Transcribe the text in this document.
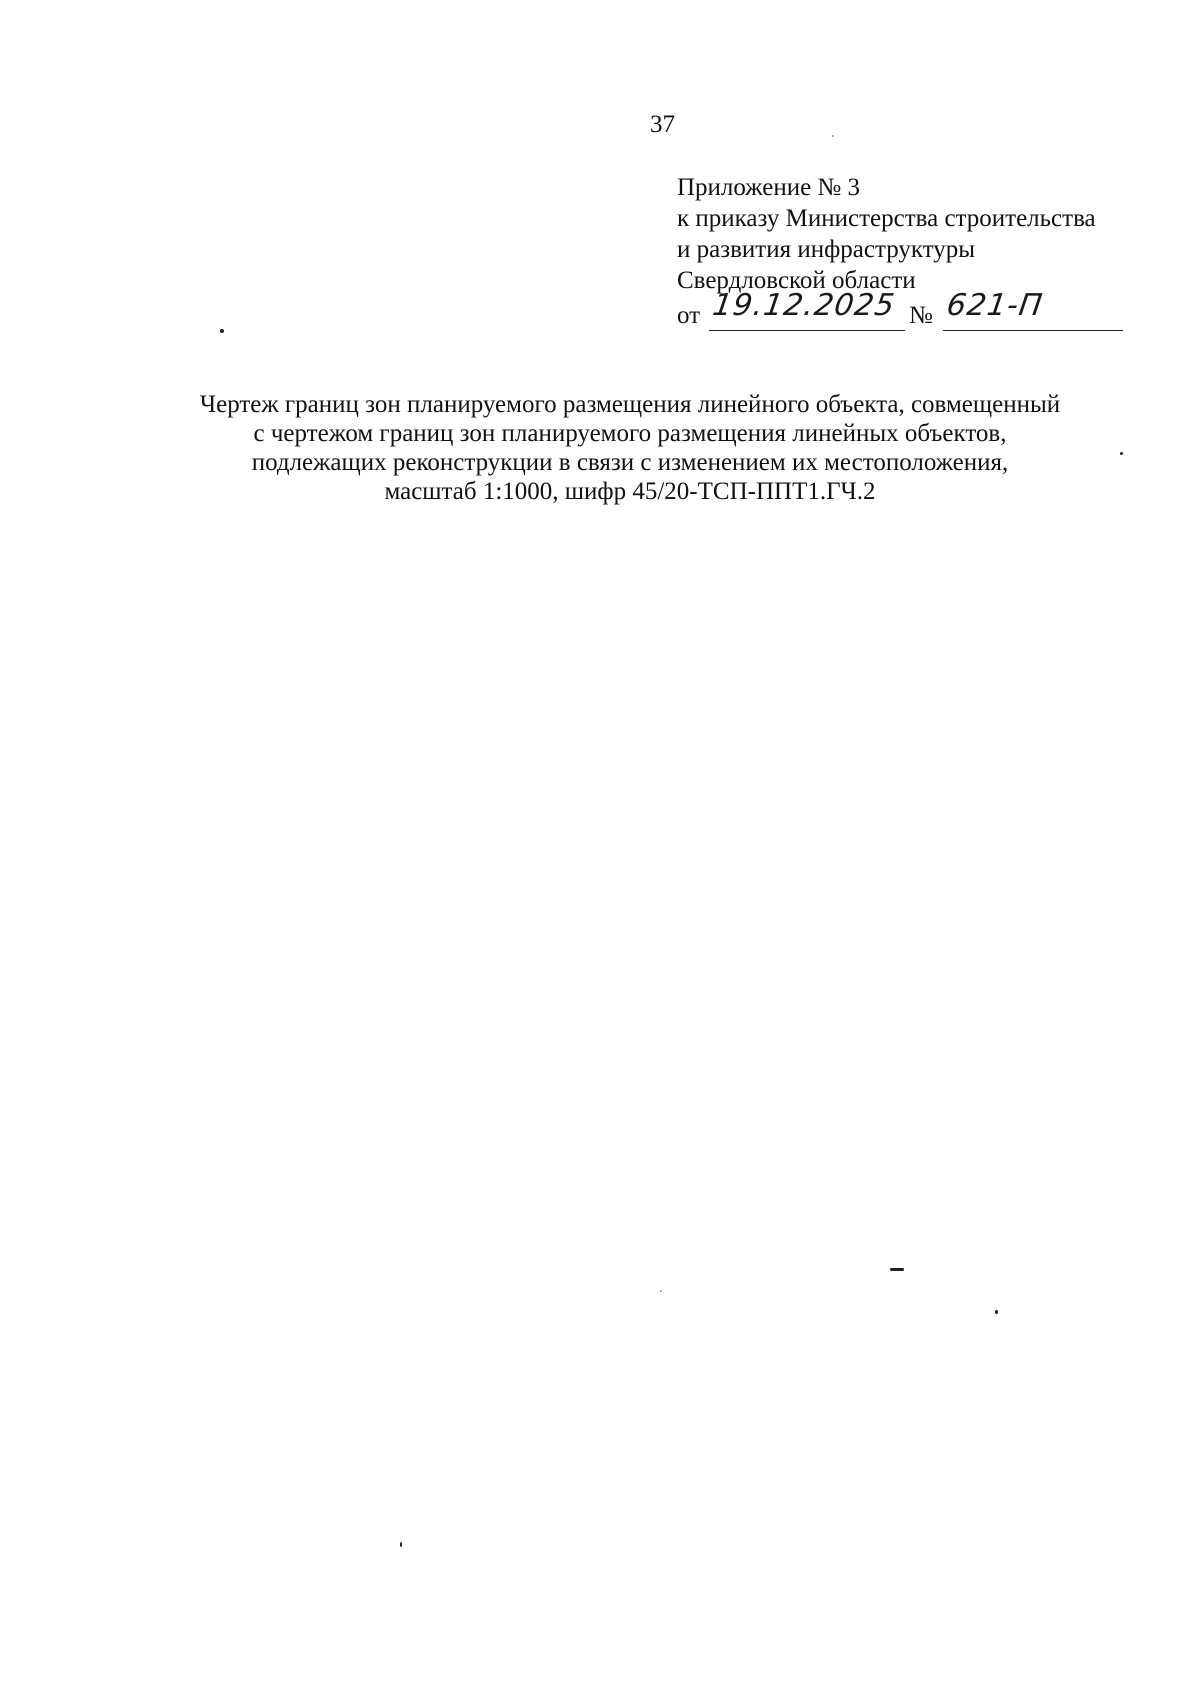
37
Приложение № 3
к приказу Министерства строительства
и развития инфраструктуры
Свердловской области
от 19.12.2025 № 621-П
Чертеж границ зон планируемого размещения линейного объекта, совмещенный
с чертежом границ зон планируемого размещения линейных объектов,
подлежащих реконструкции в связи с изменением их местоположения,
масштаб 1:1000, шифр 45/20-ТСП-ППТ1.ГЧ.2
